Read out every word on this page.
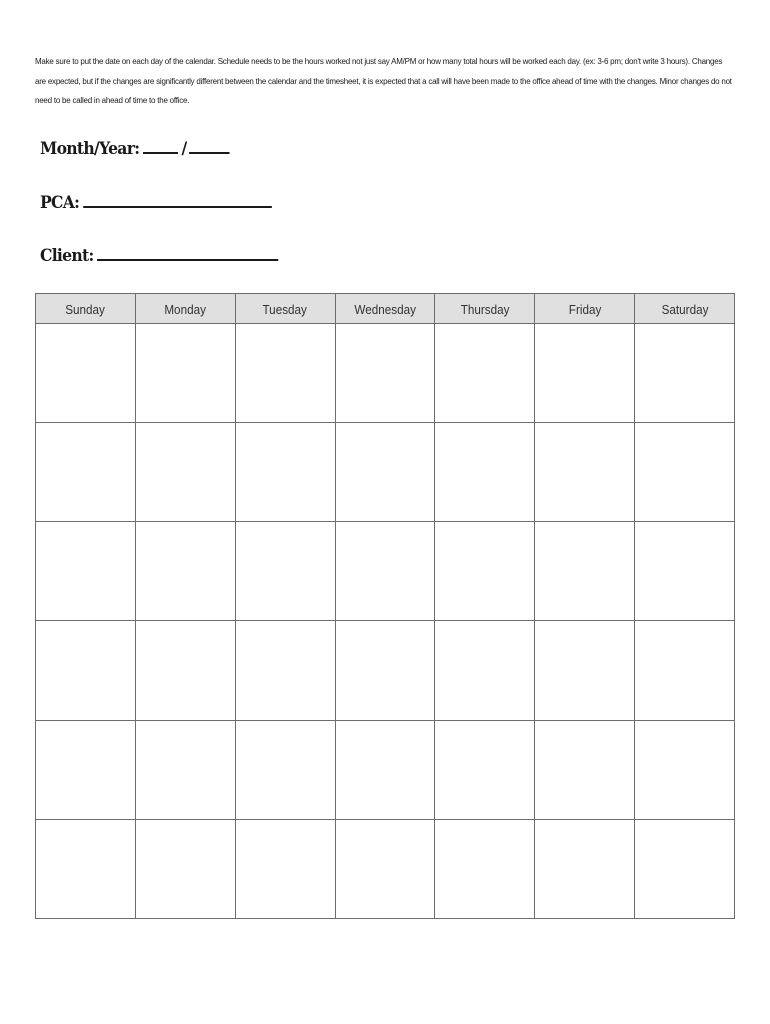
Make sure to put the date on each day of the calendar. Schedule needs to be the hours worked not just say AM/PM or how many total hours will be worked each day. (ex: 3-6 pm; don't write 3 hours). Changes are expected, but if the changes are significantly different between the calendar and the timesheet, it is expected that a call will have been made to the office ahead of time with the changes. Minor changes do not need to be called in ahead of time to the office.
Month/Year: /
PCA:
Client:
Sunday	Monday	Tuesday	Wednesday	Thursday	Friday	Saturday
